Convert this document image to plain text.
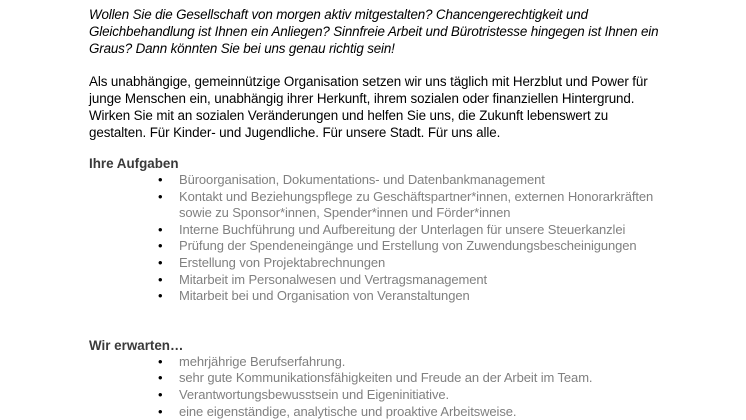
Wollen Sie die Gesellschaft von morgen aktiv mitgestalten? Chancengerechtigkeit und
Gleichbehandlung ist Ihnen ein Anliegen? Sinnfreie Arbeit und Bürotristesse hingegen ist Ihnen ein
Graus? Dann könnten Sie bei uns genau richtig sein!

Als unabhängige, gemeinnützige Organisation setzen wir uns täglich mit Herzblut und Power für
junge Menschen ein, unabhängig ihrer Herkunft, ihrem sozialen oder finanziellen Hintergrund.
Wirken Sie mit an sozialen Veränderungen und helfen Sie uns, die Zukunft lebenswert zu
gestalten. Für Kinder- und Jugendliche. Für unsere Stadt. Für uns alle.

Ihre Aufgaben
• Büroorganisation, Dokumentations- und Datenbankmanagement
• Kontakt und Beziehungspflege zu Geschäftspartner*innen, externen Honorarkräften
sowie zu Sponsor*innen, Spender*innen und Förder*innen
• Interne Buchführung und Aufbereitung der Unterlagen für unsere Steuerkanzlei
• Prüfung der Spendeneingänge und Erstellung von Zuwendungsbescheinigungen
• Erstellung von Projektabrechnungen
• Mitarbeit im Personalwesen und Vertragsmanagement
• Mitarbeit bei und Organisation von Veranstaltungen
Wir erwarten…
• mehrjährige Berufserfahrung.
• sehr gute Kommunikationsfähigkeiten und Freude an der Arbeit im Team.
• Verantwortungsbewusstsein und Eigeninitiative.
• eine eigenständige, analytische und proaktive Arbeitsweise.
